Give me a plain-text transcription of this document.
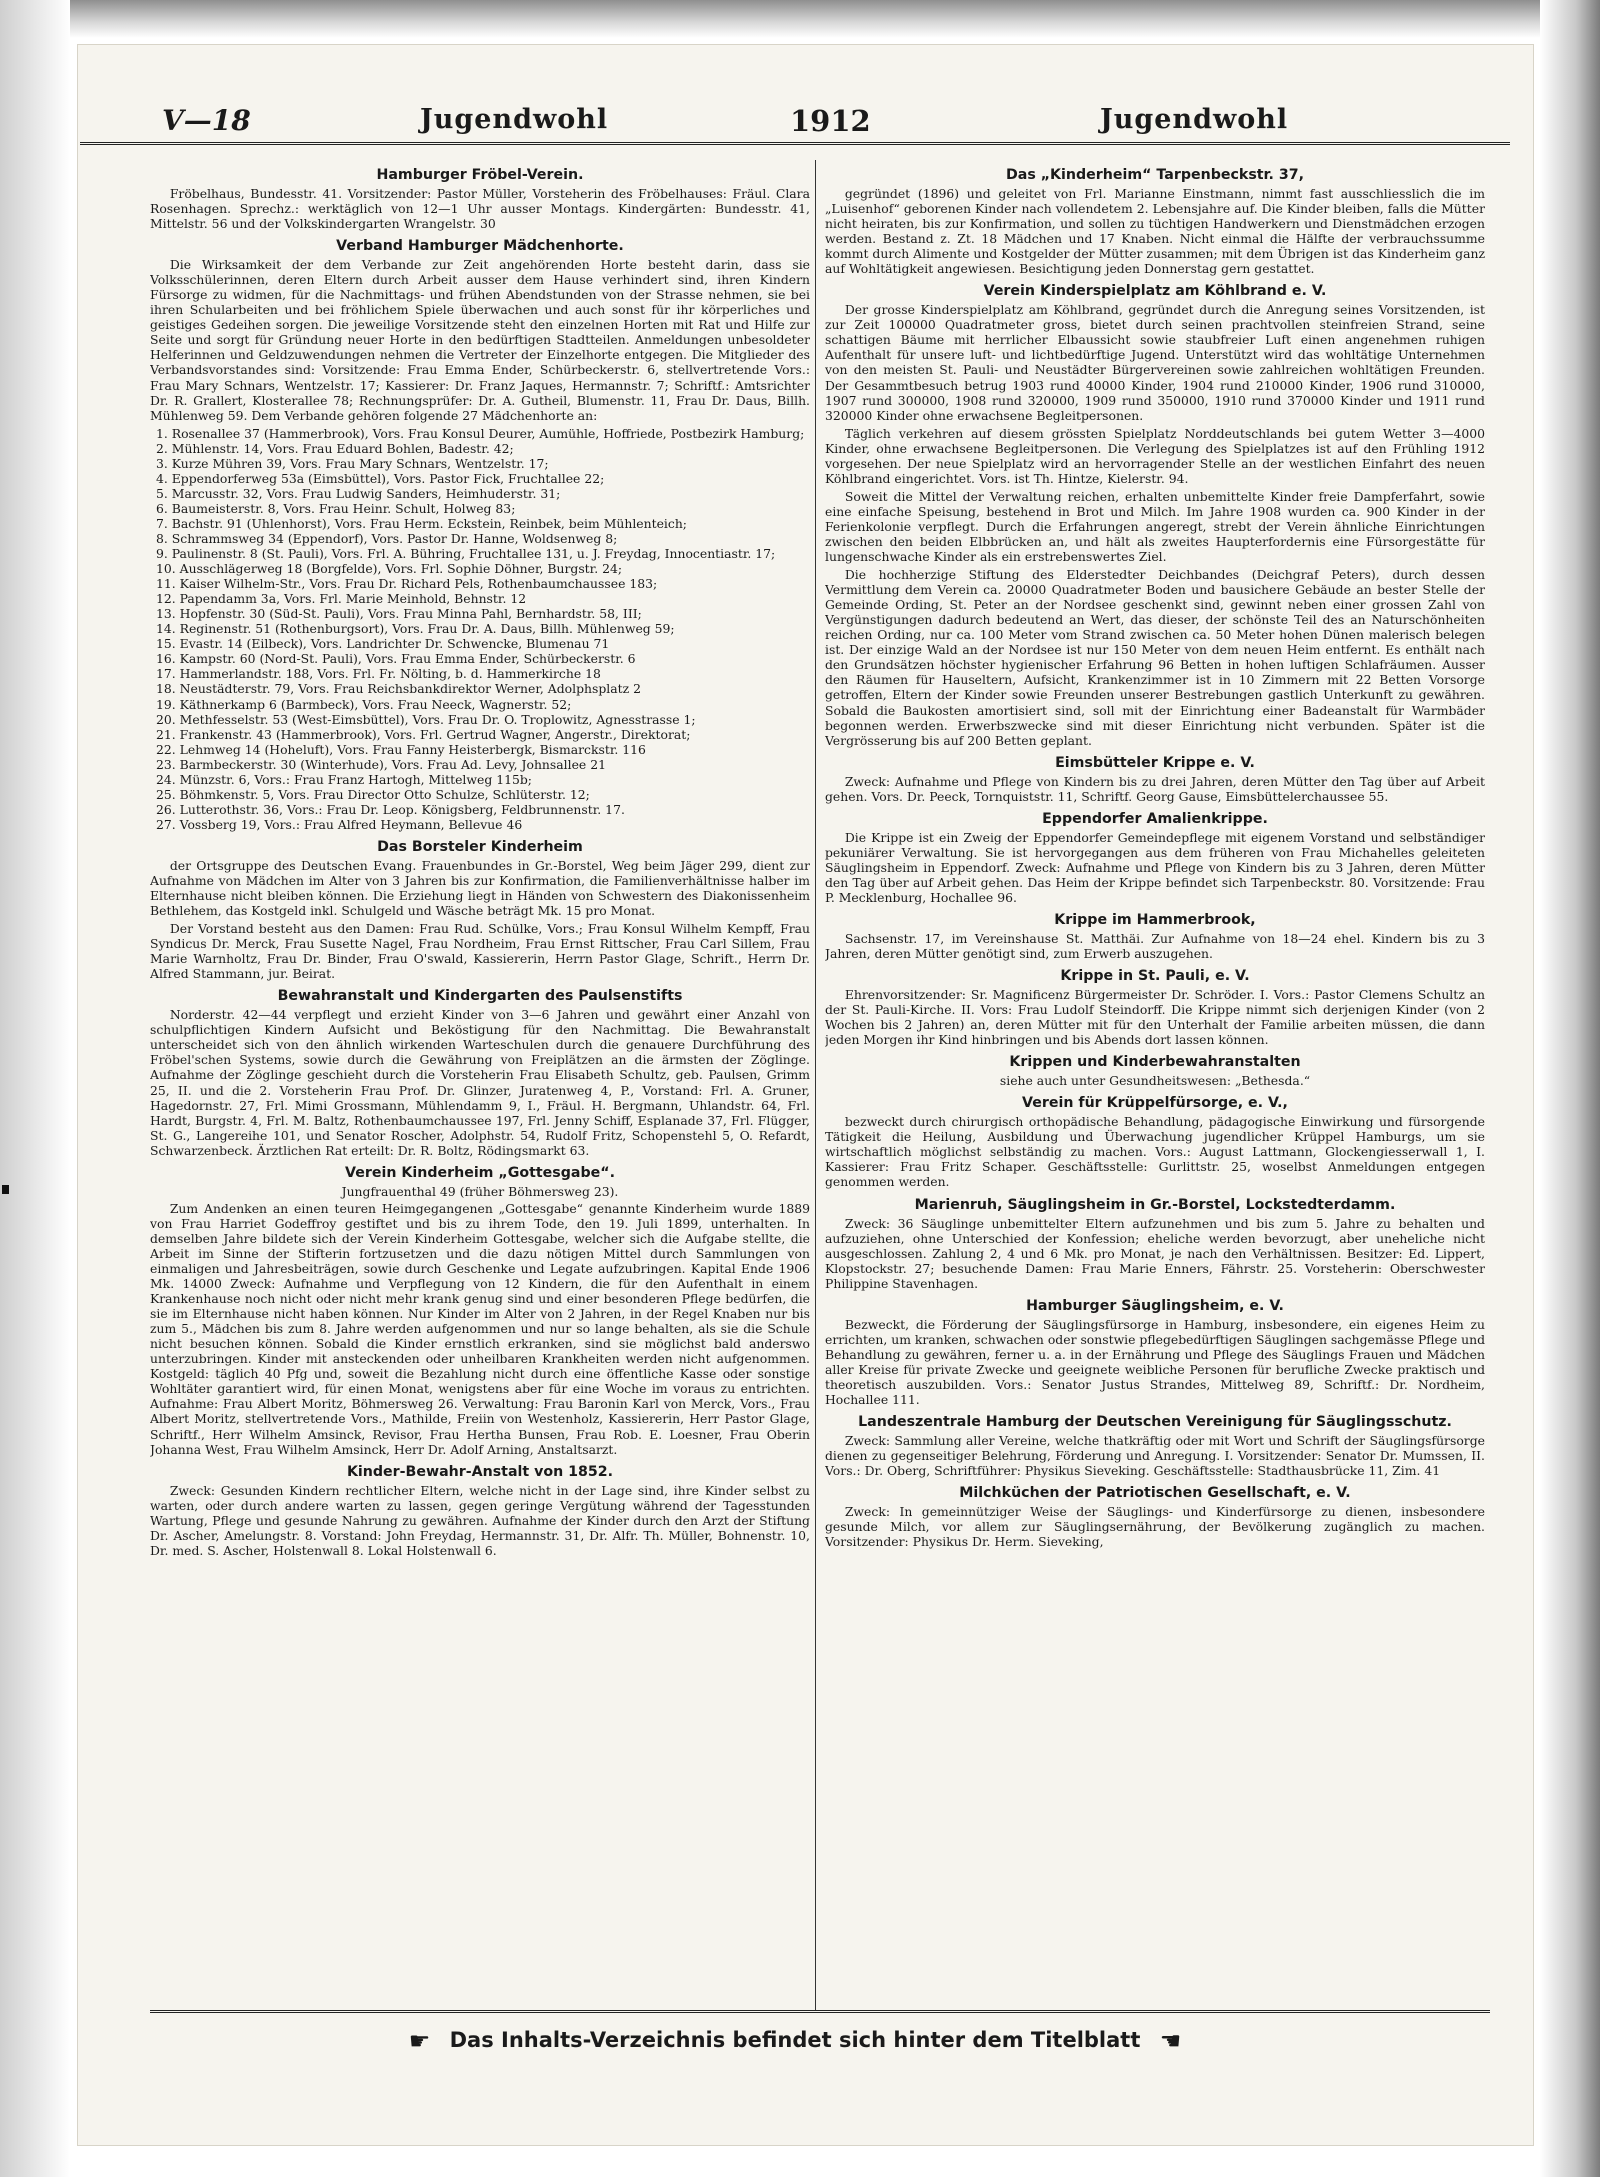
V—18	Jugendwohl	1912	Jugendwohl
Hamburger Fröbel-Verein.

Fröbelhaus, Bundesstr. 41. Vorsitzender: Pastor Müller, Vorsteherin des Fröbelhauses: Fräul. Clara Rosenhagen. Sprechz.: werktäglich von 12—1 Uhr ausser Montags. Kindergärten: Bundesstr. 41, Mittelstr. 56 und der Volkskindergarten Wrangelstr. 30

Verband Hamburger Mädchenhorte.

Die Wirksamkeit der dem Verbande zur Zeit angehörenden Horte besteht darin, dass sie Volksschülerinnen, deren Eltern durch Arbeit ausser dem Hause verhindert sind, ihren Kindern Fürsorge zu widmen, für die Nachmittags- und frühen Abendstunden von der Strasse nehmen, sie bei ihren Schularbeiten und bei fröhlichem Spiele überwachen und auch sonst für ihr körperliches und geistiges Gedeihen sorgen. Die jeweilige Vorsitzende steht den einzelnen Horten mit Rat und Hilfe zur Seite und sorgt für Gründung neuer Horte in den bedürftigen Stadtteilen. Anmeldungen unbesoldeter Helferinnen und Geldzuwendungen nehmen die Vertreter der Einzelhorte entgegen. Die Mitglieder des Verbandsvorstandes sind: Vorsitzende: Frau Emma Ender, Schürbeckerstr. 6, stellvertretende Vors.: Frau Mary Schnars, Wentzelstr. 17; Kassierer: Dr. Franz Jaques, Hermannstr. 7; Schriftf.: Amtsrichter Dr. R. Grallert, Klosterallee 78; Rechnungsprüfer: Dr. A. Gutheil, Blumenstr. 11, Frau Dr. Daus, Billh. Mühlenweg 59. Dem Verbande gehören folgende 27 Mädchenhorte an:

1. Rosenallee 37 (Hammerbrook), Vors. Frau Konsul Deurer, Aumühle, Hoffriede, Postbezirk Hamburg;
2. Mühlenstr. 14, Vors. Frau Eduard Bohlen, Badestr. 42;
3. Kurze Mühren 39, Vors. Frau Mary Schnars, Wentzelstr. 17;
4. Eppendorferweg 53a (Eimsbüttel), Vors. Pastor Fick, Fruchtallee 22;
5. Marcusstr. 32, Vors. Frau Ludwig Sanders, Heimhuderstr. 31;
6. Baumeisterstr. 8, Vors. Frau Heinr. Schult, Holweg 83;
7. Bachstr. 91 (Uhlenhorst), Vors. Frau Herm. Eckstein, Reinbek, beim Mühlenteich;
8. Schrammsweg 34 (Eppendorf), Vors. Pastor Dr. Hanne, Woldsenweg 8;
9. Paulinenstr. 8 (St. Pauli), Vors. Frl. A. Bühring, Fruchtallee 131, u. J. Freydag, Innocentiastr. 17;
10. Ausschlägerweg 18 (Borgfelde), Vors. Frl. Sophie Döhner, Burgstr. 24;
11. Kaiser Wilhelm-Str., Vors. Frau Dr. Richard Pels, Rothenbaumchaussee 183;
12. Papendamm 3a, Vors. Frl. Marie Meinhold, Behnstr. 12
13. Hopfenstr. 30 (Süd-St. Pauli), Vors. Frau Minna Pahl, Bernhardstr. 58, III;
14. Reginenstr. 51 (Rothenburgsort), Vors. Frau Dr. A. Daus, Billh. Mühlenweg 59;
15. Evastr. 14 (Eilbeck), Vors. Landrichter Dr. Schwencke, Blumenau 71
16. Kampstr. 60 (Nord-St. Pauli), Vors. Frau Emma Ender, Schürbeckerstr. 6
17. Hammerlandstr. 188, Vors. Frl. Fr. Nölting, b. d. Hammerkirche 18
18. Neustädterstr. 79, Vors. Frau Reichsbankdirektor Werner, Adolphsplatz 2
19. Käthnerkamp 6 (Barmbeck), Vors. Frau Neeck, Wagnerstr. 52;
20. Methfesselstr. 53 (West-Eimsbüttel), Vors. Frau Dr. O. Troplowitz, Agnesstrasse 1;
21. Frankenstr. 43 (Hammerbrook), Vors. Frl. Gertrud Wagner, Angerstr., Direktorat;
22. Lehmweg 14 (Hoheluft), Vors. Frau Fanny Heisterbergk, Bismarckstr. 116
23. Barmbeckerstr. 30 (Winterhude), Vors. Frau Ad. Levy, Johnsallee 21
24. Münzstr. 6, Vors.: Frau Franz Hartogh, Mittelweg 115b;
25. Böhmkenstr. 5, Vors. Frau Director Otto Schulze, Schlüterstr. 12;
26. Lutterothstr. 36, Vors.: Frau Dr. Leop. Königsberg, Feldbrunnenstr. 17.
27. Vossberg 19, Vors.: Frau Alfred Heymann, Bellevue 46
Das Borsteler Kinderheim

der Ortsgruppe des Deutschen Evang. Frauenbundes in Gr.-Borstel, Weg beim Jäger 299, dient zur Aufnahme von Mädchen im Alter von 3 Jahren bis zur Konfirmation, die Familienverhältnisse halber im Elternhause nicht bleiben können. Die Erziehung liegt in Händen von Schwestern des Diakonissenheim Bethlehem, das Kostgeld inkl. Schulgeld und Wäsche beträgt Mk. 15 pro Monat.

Der Vorstand besteht aus den Damen: Frau Rud. Schülke, Vors.; Frau Konsul Wilhelm Kempff, Frau Syndicus Dr. Merck, Frau Susette Nagel, Frau Nordheim, Frau Ernst Rittscher, Frau Carl Sillem, Frau Marie Warnholtz, Frau Dr. Binder, Frau O'swald, Kassiererin, Herrn Pastor Glage, Schrift., Herrn Dr. Alfred Stammann, jur. Beirat.

Bewahranstalt und Kindergarten des Paulsenstifts

Norderstr. 42—44 verpflegt und erzieht Kinder von 3—6 Jahren und gewährt einer Anzahl von schulpflichtigen Kindern Aufsicht und Beköstigung für den Nachmittag. Die Bewahranstalt unterscheidet sich von den ähnlich wirkenden Warteschulen durch die genauere Durchführung des Fröbel'schen Systems, sowie durch die Gewährung von Freiplätzen an die ärmsten der Zöglinge. Aufnahme der Zöglinge geschieht durch die Vorsteherin Frau Elisabeth Schultz, geb. Paulsen, Grimm 25, II. und die 2. Vorsteherin Frau Prof. Dr. Glinzer, Juratenweg 4, P., Vorstand: Frl. A. Gruner, Hagedornstr. 27, Frl. Mimi Grossmann, Mühlendamm 9, I., Fräul. H. Bergmann, Uhlandstr. 64, Frl. Hardt, Burgstr. 4, Frl. M. Baltz, Rothenbaumchaussee 197, Frl. Jenny Schiff, Esplanade 37, Frl. Flügger, St. G., Langereihe 101, und Senator Roscher, Adolphstr. 54, Rudolf Fritz, Schopenstehl 5, O. Refardt, Schwarzenbeck. Ärztlichen Rat erteilt: Dr. R. Boltz, Rödingsmarkt 63.

Verein Kinderheim „Gottesgabe“.
Jungfrauenthal 49 (früher Böhmersweg 23).

Zum Andenken an einen teuren Heimgegangenen „Gottesgabe“ genannte Kinderheim wurde 1889 von Frau Harriet Godeffroy gestiftet und bis zu ihrem Tode, den 19. Juli 1899, unterhalten. In demselben Jahre bildete sich der Verein Kinderheim Gottesgabe, welcher sich die Aufgabe stellte, die Arbeit im Sinne der Stifterin fortzusetzen und die dazu nötigen Mittel durch Sammlungen von einmaligen und Jahresbeiträgen, sowie durch Geschenke und Legate aufzubringen. Kapital Ende 1906 Mk. 14000 Zweck: Aufnahme und Verpflegung von 12 Kindern, die für den Aufenthalt in einem Krankenhause noch nicht oder nicht mehr krank genug sind und einer besonderen Pflege bedürfen, die sie im Elternhause nicht haben können. Nur Kinder im Alter von 2 Jahren, in der Regel Knaben nur bis zum 5., Mädchen bis zum 8. Jahre werden aufgenommen und nur so lange behalten, als sie die Schule nicht besuchen können. Sobald die Kinder ernstlich erkranken, sind sie möglichst bald anderswo unterzubringen. Kinder mit ansteckenden oder unheilbaren Krankheiten werden nicht aufgenommen. Kostgeld: täglich 40 Pfg und, soweit die Bezahlung nicht durch eine öffentliche Kasse oder sonstige Wohltäter garantiert wird, für einen Monat, wenigstens aber für eine Woche im voraus zu entrichten. Aufnahme: Frau Albert Moritz, Böhmersweg 26. Verwaltung: Frau Baronin Karl von Merck, Vors., Frau Albert Moritz, stellvertretende Vors., Mathilde, Freiin von Westenholz, Kassiererin, Herr Pastor Glage, Schriftf., Herr Wilhelm Amsinck, Revisor, Frau Hertha Bunsen, Frau Rob. E. Loesner, Frau Oberin Johanna West, Frau Wilhelm Amsinck, Herr Dr. Adolf Arning, Anstaltsarzt.

Kinder-Bewahr-Anstalt von 1852.

Zweck: Gesunden Kindern rechtlicher Eltern, welche nicht in der Lage sind, ihre Kinder selbst zu warten, oder durch andere warten zu lassen, gegen geringe Vergütung während der Tagesstunden Wartung, Pflege und gesunde Nahrung zu gewähren. Aufnahme der Kinder durch den Arzt der Stiftung Dr. Ascher, Amelungstr. 8. Vorstand: John Freydag, Hermannstr. 31, Dr. Alfr. Th. Müller, Bohnenstr. 10, Dr. med. S. Ascher, Holstenwall 8. Lokal Holstenwall 6.

Das „Kinderheim“ Tarpenbeckstr. 37,

gegründet (1896) und geleitet von Frl. Marianne Einstmann, nimmt fast ausschliesslich die im „Luisenhof“ geborenen Kinder nach vollendetem 2. Lebensjahre auf. Die Kinder bleiben, falls die Mütter nicht heiraten, bis zur Konfirmation, und sollen zu tüchtigen Handwerkern und Dienstmädchen erzogen werden. Bestand z. Zt. 18 Mädchen und 17 Knaben. Nicht einmal die Hälfte der verbrauchssumme kommt durch Alimente und Kostgelder der Mütter zusammen; mit dem Übrigen ist das Kinderheim ganz auf Wohltätigkeit angewiesen. Besichtigung jeden Donnerstag gern gestattet.

Verein Kinderspielplatz am Köhlbrand e. V.

Der grosse Kinderspielplatz am Köhlbrand, gegründet durch die Anregung seines Vorsitzenden, ist zur Zeit 100000 Quadratmeter gross, bietet durch seinen prachtvollen steinfreien Strand, seine schattigen Bäume mit herrlicher Elbaussicht sowie staubfreier Luft einen angenehmen ruhigen Aufenthalt für unsere luft- und lichtbedürftige Jugend. Unterstützt wird das wohltätige Unternehmen von den meisten St. Pauli- und Neustädter Bürgervereinen sowie zahlreichen wohltätigen Freunden. Der Gesammtbesuch betrug 1903 rund 40000 Kinder, 1904 rund 210000 Kinder, 1906 rund 310000, 1907 rund 300000, 1908 rund 320000, 1909 rund 350000, 1910 rund 370000 Kinder und 1911 rund 320000 Kinder ohne erwachsene Begleitpersonen.

Täglich verkehren auf diesem grössten Spielplatz Norddeutschlands bei gutem Wetter 3—4000 Kinder, ohne erwachsene Begleitpersonen. Die Verlegung des Spielplatzes ist auf den Frühling 1912 vorgesehen. Der neue Spielplatz wird an hervorragender Stelle an der westlichen Einfahrt des neuen Köhlbrand eingerichtet. Vors. ist Th. Hintze, Kielerstr. 94.

Soweit die Mittel der Verwaltung reichen, erhalten unbemittelte Kinder freie Dampferfahrt, sowie eine einfache Speisung, bestehend in Brot und Milch. Im Jahre 1908 wurden ca. 900 Kinder in der Ferienkolonie verpflegt. Durch die Erfahrungen angeregt, strebt der Verein ähnliche Einrichtungen zwischen den beiden Elbbrücken an, und hält als zweites Haupterfordernis eine Fürsorgestätte für lungenschwache Kinder als ein erstrebenswertes Ziel.

Die hochherzige Stiftung des Elderstedter Deichbandes (Deichgraf Peters), durch dessen Vermittlung dem Verein ca. 20000 Quadratmeter Boden und bausichere Gebäude an bester Stelle der Gemeinde Ording, St. Peter an der Nordsee geschenkt sind, gewinnt neben einer grossen Zahl von Vergünstigungen dadurch bedeutend an Wert, das dieser, der schönste Teil des an Naturschönheiten reichen Ording, nur ca. 100 Meter vom Strand zwischen ca. 50 Meter hohen Dünen malerisch belegen ist. Der einzige Wald an der Nordsee ist nur 150 Meter von dem neuen Heim entfernt. Es enthält nach den Grundsätzen höchster hygienischer Erfahrung 96 Betten in hohen luftigen Schlafräumen. Ausser den Räumen für Hauseltern, Aufsicht, Krankenzimmer ist in 10 Zimmern mit 22 Betten Vorsorge getroffen, Eltern der Kinder sowie Freunden unserer Bestrebungen gastlich Unterkunft zu gewähren. Sobald die Baukosten amortisiert sind, soll mit der Einrichtung einer Badeanstalt für Warmbäder begonnen werden. Erwerbszwecke sind mit dieser Einrichtung nicht verbunden. Später ist die Vergrösserung bis auf 200 Betten geplant.

Eimsbütteler Krippe e. V.

Zweck: Aufnahme und Pflege von Kindern bis zu drei Jahren, deren Mütter den Tag über auf Arbeit gehen. Vors. Dr. Peeck, Tornquiststr. 11, Schriftf. Georg Gause, Eimsbüttelerchaussee 55.

Eppendorfer Amalienkrippe.

Die Krippe ist ein Zweig der Eppendorfer Gemeindepflege mit eigenem Vorstand und selbständiger pekuniärer Verwaltung. Sie ist hervorgegangen aus dem früheren von Frau Michahelles geleiteten Säuglingsheim in Eppendorf. Zweck: Aufnahme und Pflege von Kindern bis zu 3 Jahren, deren Mütter den Tag über auf Arbeit gehen. Das Heim der Krippe befindet sich Tarpenbeckstr. 80. Vorsitzende: Frau P. Mecklenburg, Hochallee 96.

Krippe im Hammerbrook,

Sachsenstr. 17, im Vereinshause St. Matthäi. Zur Aufnahme von 18—24 ehel. Kindern bis zu 3 Jahren, deren Mütter genötigt sind, zum Erwerb auszugehen.

Krippe in St. Pauli, e. V.

Ehrenvorsitzender: Sr. Magnificenz Bürgermeister Dr. Schröder. I. Vors.: Pastor Clemens Schultz an der St. Pauli-Kirche. II. Vors: Frau Ludolf Steindorff. Die Krippe nimmt sich derjenigen Kinder (von 2 Wochen bis 2 Jahren) an, deren Mütter mit für den Unterhalt der Familie arbeiten müssen, die dann jeden Morgen ihr Kind hinbringen und bis Abends dort lassen können.

Krippen und Kinderbewahranstalten
siehe auch unter Gesundheitswesen: „Bethesda.“
Verein für Krüppelfürsorge, e. V.,

bezweckt durch chirurgisch orthopädische Behandlung, pädagogische Einwirkung und fürsorgende Tätigkeit die Heilung, Ausbildung und Überwachung jugendlicher Krüppel Hamburgs, um sie wirtschaftlich möglichst selbständig zu machen. Vors.: August Lattmann, Glockengiesserwall 1, I. Kassierer: Frau Fritz Schaper. Geschäftsstelle: Gurlittstr. 25, woselbst Anmeldungen entgegen genommen werden.

Marienruh, Säuglingsheim in Gr.-Borstel, Lockstedterdamm.

Zweck: 36 Säuglinge unbemittelter Eltern aufzunehmen und bis zum 5. Jahre zu behalten und aufzuziehen, ohne Unterschied der Konfession; eheliche werden bevorzugt, aber uneheliche nicht ausgeschlossen. Zahlung 2, 4 und 6 Mk. pro Monat, je nach den Verhältnissen. Besitzer: Ed. Lippert, Klopstockstr. 27; besuchende Damen: Frau Marie Enners, Fährstr. 25. Vorsteherin: Oberschwester Philippine Stavenhagen.

Hamburger Säuglingsheim, e. V.

Bezweckt, die Förderung der Säuglingsfürsorge in Hamburg, insbesondere, ein eigenes Heim zu errichten, um kranken, schwachen oder sonstwie pflegebedürftigen Säuglingen sachgemässe Pflege und Behandlung zu gewähren, ferner u. a. in der Ernährung und Pflege des Säuglings Frauen und Mädchen aller Kreise für private Zwecke und geeignete weibliche Personen für berufliche Zwecke praktisch und theoretisch auszubilden. Vors.: Senator Justus Strandes, Mittelweg 89, Schriftf.: Dr. Nordheim, Hochallee 111.

Landeszentrale Hamburg der Deutschen Vereinigung für Säuglingsschutz.

Zweck: Sammlung aller Vereine, welche thatkräftig oder mit Wort und Schrift der Säuglingsfürsorge dienen zu gegenseitiger Belehrung, Förderung und Anregung. I. Vorsitzender: Senator Dr. Mumssen, II. Vors.: Dr. Oberg, Schriftführer: Physikus Sieveking. Geschäftsstelle: Stadthausbrücke 11, Zim. 41

Milchküchen der Patriotischen Gesellschaft, e. V.

Zweck: In gemeinnütziger Weise der Säuglings- und Kinderfürsorge zu dienen, insbesondere gesunde Milch, vor allem zur Säuglingsernährung, der Bevölkerung zugänglich zu machen. Vorsitzender: Physikus Dr. Herm. Sieveking,

☛ Das Inhalts-Verzeichnis befindet sich hinter dem Titelblatt ☚
